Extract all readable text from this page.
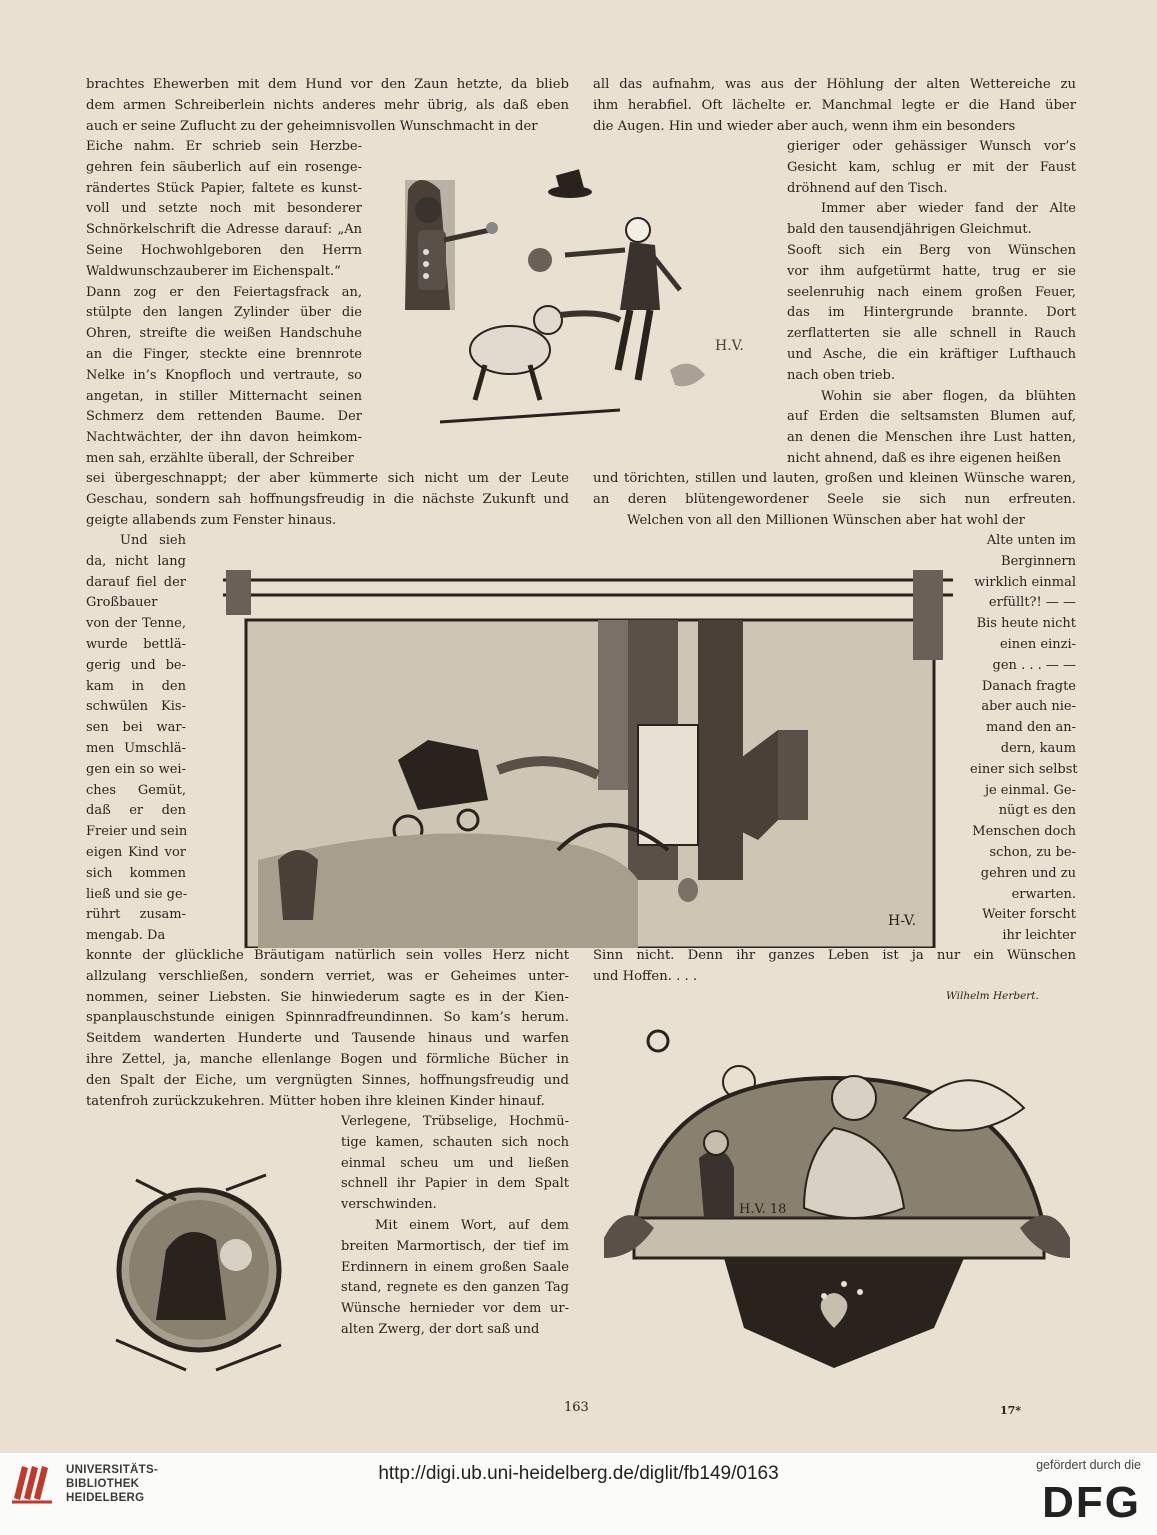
brachtes Ehewerben mit dem Hund vor den Zaun hetzte, da blieb
dem armen Schreiberlein nichts anderes mehr übrig, als daß eben
auch er seine Zuflucht zu der geheimnisvollen Wunschmacht in der
Eiche nahm. Er schrieb sein Herzbe-
gehren fein säuberlich auf ein rosenge-
rändertes Stück Papier, faltete es kunst-
voll und setzte noch mit besonderer
Schnörkelschrift die Adresse darauf: „An
Seine Hochwohlgeboren den Herrn
Waldwunschzauberer im Eichenspalt.“
Dann zog er den Feiertagsfrack an,
stülpte den langen Zylinder über die
Ohren, streifte die weißen Handschuhe
an die Finger, steckte eine brennrote
Nelke in’s Knopfloch und vertraute, so
angetan, in stiller Mitternacht seinen
Schmerz dem rettenden Baume. Der
Nachtwächter, der ihn davon heimkom-
men sah, erzählte überall, der Schreiber
sei übergeschnappt; der aber kümmerte sich nicht um der Leute
Geschau, sondern sah hoffnungsfreudig in die nächste Zukunft und
geigte allabends zum Fenster hinaus.
Und sieh
da, nicht lang
darauf fiel der
Großbauer
von der Tenne,
wurde bettlä-
gerig und be-
kam in den
schwülen Kis-
sen bei war-
men Umschlä-
gen ein so wei-
ches Gemüt,
daß er den
Freier und sein
eigen Kind vor
sich kommen
ließ und sie ge-
rührt zusam-
mengab. Da
konnte der glückliche Bräutigam natürlich sein volles Herz nicht
allzulang verschließen, sondern verriet, was er Geheimes unter-
nommen, seiner Liebsten. Sie hinwiederum sagte es in der Kien-
spanplauschstunde einigen Spinnradfreundinnen. So kam’s herum.
Seitdem wanderten Hunderte und Tausende hinaus und warfen
ihre Zettel, ja, manche ellenlange Bogen und förmliche Bücher in
den Spalt der Eiche, um vergnügten Sinnes, hoffnungsfreudig und
tatenfroh zurückzukehren. Mütter hoben ihre kleinen Kinder hinauf.
Verlegene, Trübselige, Hochmü-
tige kamen, schauten sich noch
einmal scheu um und ließen
schnell ihr Papier in dem Spalt
verschwinden.
Mit einem Wort, auf dem
breiten Marmortisch, der tief im
Erdinnern in einem großen Saale
stand, regnete es den ganzen Tag
Wünsche hernieder vor dem ur-
alten Zwerg, der dort saß und
all das aufnahm, was aus der Höhlung der alten Wettereiche zu
ihm herabfiel. Oft lächelte er. Manchmal legte er die Hand über
die Augen. Hin und wieder aber auch, wenn ihm ein besonders
gieriger oder gehässiger Wunsch vor’s
Gesicht kam, schlug er mit der Faust
dröhnend auf den Tisch.
Immer aber wieder fand der Alte
bald den tausendjährigen Gleichmut.
Sooft sich ein Berg von Wünschen
vor ihm aufgetürmt hatte, trug er sie
seelenruhig nach einem großen Feuer,
das im Hintergrunde brannte. Dort
zerflatterten sie alle schnell in Rauch
und Asche, die ein kräftiger Lufthauch
nach oben trieb.
Wohin sie aber flogen, da blühten
auf Erden die seltsamsten Blumen auf,
an denen die Menschen ihre Lust hatten,
nicht ahnend, daß es ihre eigenen heißen
und törichten, stillen und lauten, großen und kleinen Wünsche waren,
an deren blütengewordener Seele sie sich nun erfreuten.
Welchen von all den Millionen Wünschen aber hat wohl der
Alte unten im
Berginnern
wirklich einmal
erfüllt?! — —
Bis heute nicht
einen einzi-
gen . . . — —
Danach fragte
aber auch nie-
mand den an-
dern, kaum
einer sich selbst
je einmal. Ge-
nügt es den
Menschen doch
schon, zu be-
gehren und zu
erwarten.
Weiter forscht
ihr leichter
Sinn nicht. Denn ihr ganzes Leben ist ja nur ein Wünschen
und Hoffen. . . .
Wilhelm Herbert.
H.V.
H-V.
H.V. 18
163	17*
UNIVERSITÄTS-
BIBLIOTHEK
HEIDELBERG
http://digi.ub.uni-heidelberg.de/diglit/fb149/0163	gefördert durch die
DFG
